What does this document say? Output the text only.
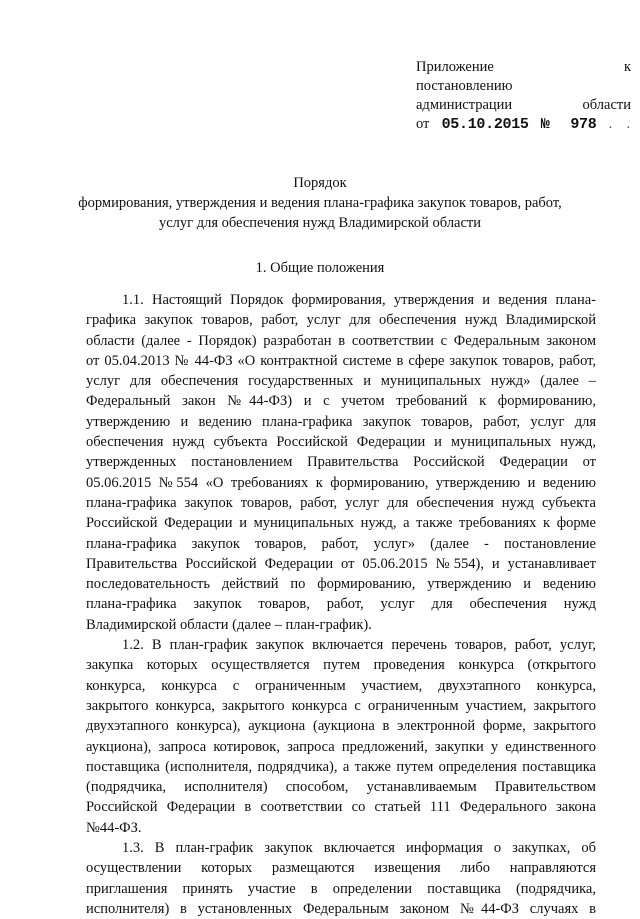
Приложение к
постановлению
администрации области
от 05.10.2015 № 978 . .
Порядок
формирования, утверждения и ведения плана-графика закупок товаров, работ,
услуг для обеспечения нужд Владимирской области
1. Общие положения

1.1. Настоящий Порядок формирования, утверждения и ведения плана-
графика закупок товаров, работ, услуг для обеспечения нужд Владимирской
области (далее - Порядок) разработан в соответствии с Федеральным законом
от 05.04.2013 № 44-ФЗ «О контрактной системе в сфере закупок товаров, работ,
услуг для обеспечения государственных и муниципальных нужд» (далее –
Федеральный закон №44-ФЗ) и с учетом требований к формированию,
утверждению и ведению плана-графика закупок товаров, работ, услуг для
обеспечения нужд субъекта Российской Федерации и муниципальных нужд,
утвержденных постановлением Правительства Российской Федерации от
05.06.2015 №554 «О требованиях к формированию, утверждению и ведению
плана-графика закупок товаров, работ, услуг для обеспечения нужд субъекта
Российской Федерации и муниципальных нужд, а также требованиях к форме
плана-графика закупок товаров, работ, услуг» (далее - постановление
Правительства Российской Федерации от 05.06.2015 №554), и устанавливает
последовательность действий по формированию, утверждению и ведению
плана-графика закупок товаров, работ, услуг для обеспечения нужд
Владимирской области (далее – план-график).

1.2. В план-график закупок включается перечень товаров, работ, услуг,
закупка которых осуществляется путем проведения конкурса (открытого
конкурса, конкурса с ограниченным участием, двухэтапного конкурса,
закрытого конкурса, закрытого конкурса с ограниченным участием, закрытого
двухэтапного конкурса), аукциона (аукциона в электронной форме, закрытого
аукциона), запроса котировок, запроса предложений, закупки у единственного
поставщика (исполнителя, подрядчика), а также путем определения поставщика
(подрядчика, исполнителя) способом, устанавливаемым Правительством
Российской Федерации в соответствии со статьей 111 Федерального закона
№44-ФЗ.

1.3. В план-график закупок включается информация о закупках, об
осуществлении которых размещаются извещения либо направляются
приглашения принять участие в определении поставщика (подрядчика,
исполнителя) в установленных Федеральным законом №44-ФЗ случаях в
